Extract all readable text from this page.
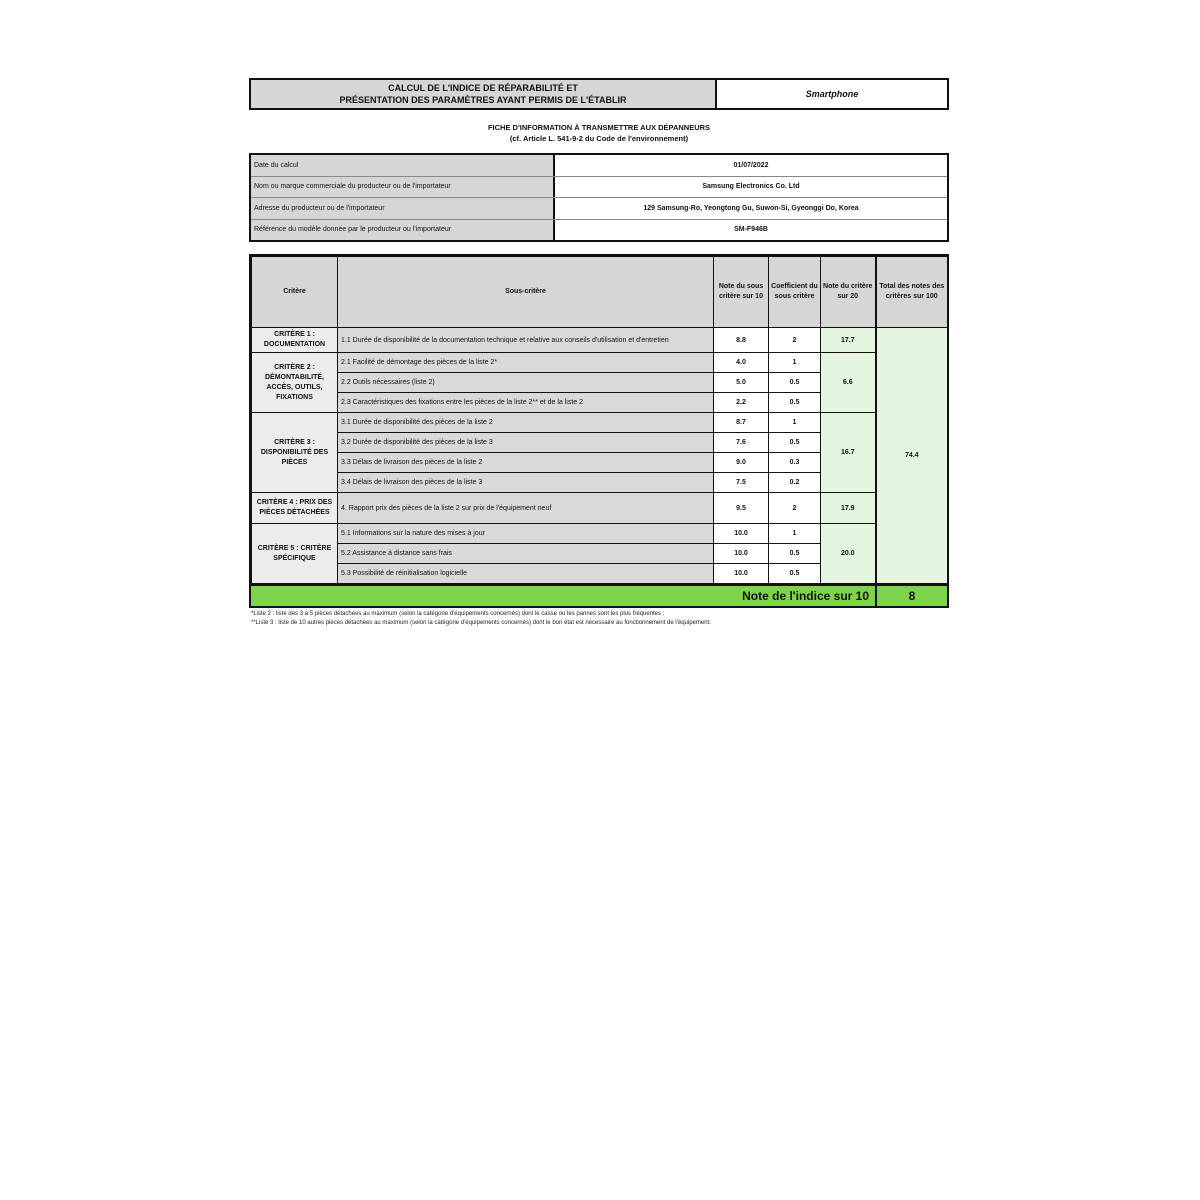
CALCUL DE L'INDICE DE RÉPARABILITÉ ET
PRÉSENTATION DES PARAMÈTRES AYANT PERMIS DE L'ÉTABLIR
Smartphone
FICHE D'INFORMATION À TRANSMETTRE AUX DÉPANNEURS
(cf. Article L. 541-9-2 du Code de l'environnement)
Date du calcul	01/07/2022
Nom ou marque commerciale du producteur ou de l'importateur	Samsung Electronics Co. Ltd
Adresse du producteur ou de l'importateur	129 Samsung-Ro, Yeongtong Gu, Suwon-Si, Gyeonggi Do, Korea
Référence du modèle donnée par le producteur ou l'importateur	SM-F946B
Critère	Sous-critère	Note du sous critère sur 10	Coefficient du sous critère	Note du critère sur 20	Total des notes des critères sur 100
CRITÈRE 1 : DOCUMENTATION	1.1 Durée de disponibilité de la documentation technique et relative aux conseils d'utilisation et d'entretien	8.8	2	17.7	74.4
CRITÈRE 2 : DÉMONTABILITÉ, ACCÈS, OUTILS, FIXATIONS	2.1 Facilité de démontage des pièces de la liste 2*	4.0	1	6.6	
	2.2 Outils nécessaires (liste 2)	5.0	0.5		
	2.3 Caractéristiques des fixations entre les pièces de la liste 2** et de la liste 2	2.2	0.5		
CRITÈRE 3 : DISPONIBILITÉ DES PIÈCES	3.1 Durée de disponibilité des pièces de la liste 2	8.7	1	16.7	
	3.2 Durée de disponibilité des pièces de la liste 3	7.6	0.5		
	3.3 Délais de livraison des pièces de la liste 2	9.0	0.3		
	3.4 Délais de livraison des pièces de la liste 3	7.5	0.2		
CRITÈRE 4 : PRIX DES PIÈCES DÉTACHÉES	4. Rapport prix des pièces de la liste 2 sur prix de l'équipement neuf	9.5	2	17.9	
CRITÈRE 5 : CRITÈRE SPÉCIFIQUE	5.1 Informations sur la nature des mises à jour	10.0	1	20.0	
	5.2 Assistance à distance sans frais	10.0	0.5		
	5.3 Possibilité de réinitialisation logicielle	10.0	0.5		
Note de l'indice sur 10	8
*Liste 2 : liste des 3 à 5 pièces détachées au maximum (selon la catégorie d'équipements concernés) dont le casse ou les pannes sont les plus fréquentes ;
**Liste 3 : liste de 10 autres pièces détachées au maximum (selon la catégorie d'équipements concernés) dont le bon état est nécessaire au fonctionnement de l'équipement.
